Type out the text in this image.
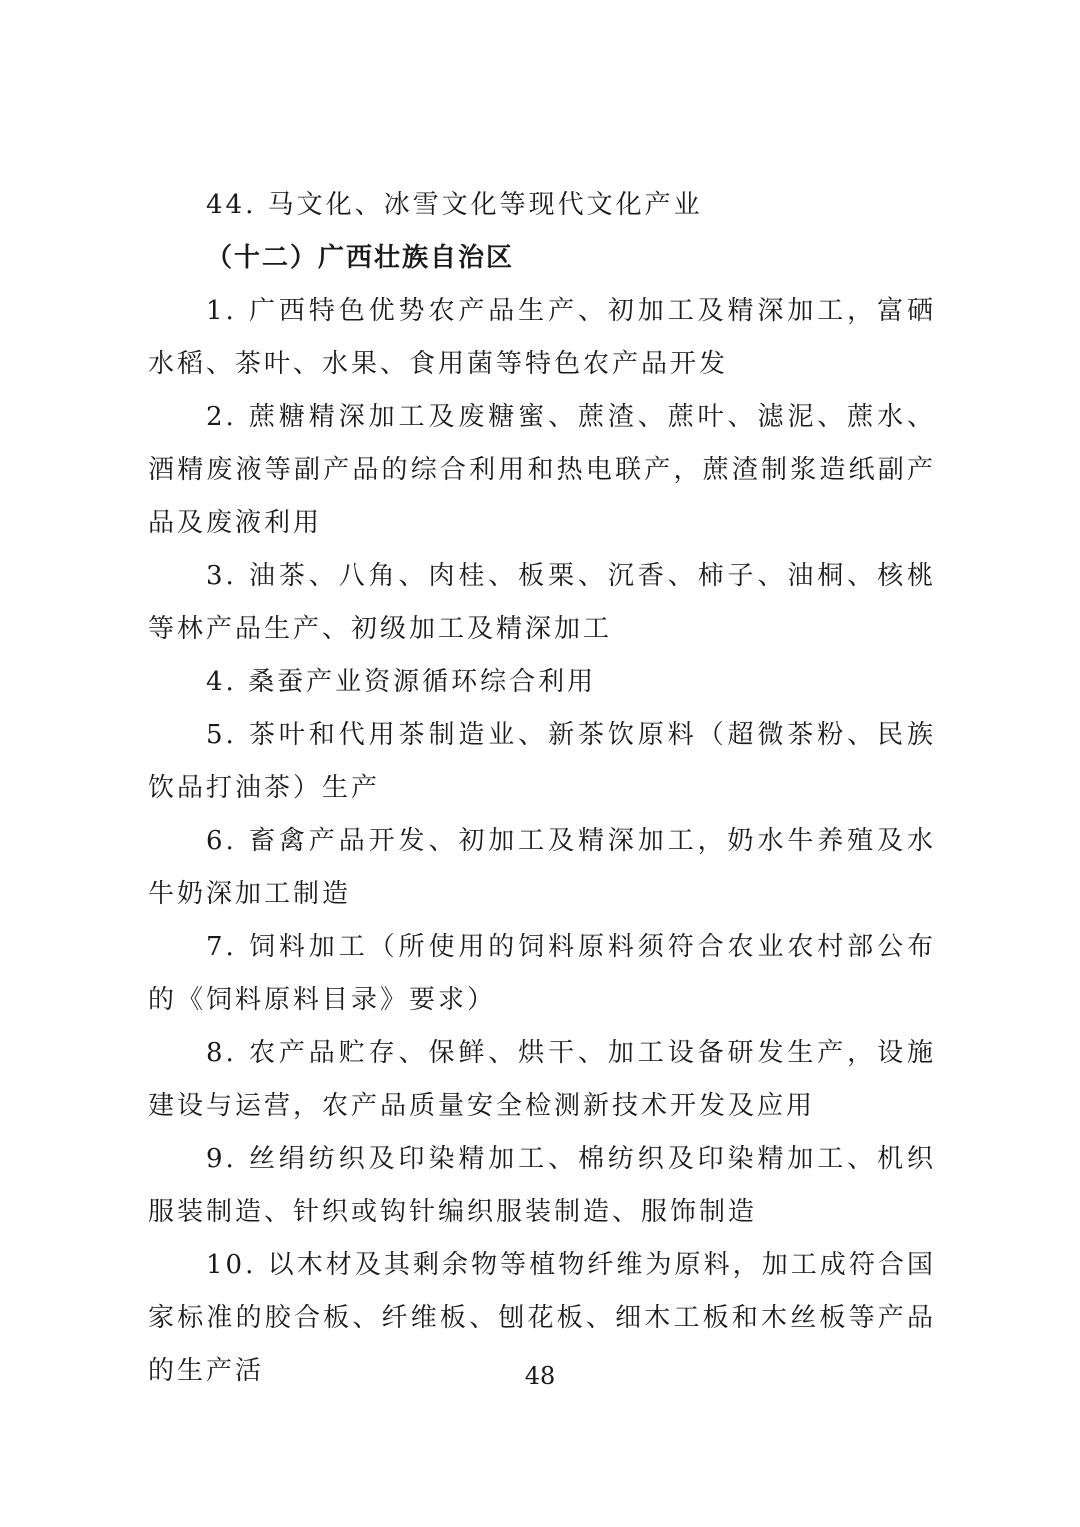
44. 马文化、冰雪文化等现代文化产业

（十二）广西壮族自治区

1. 广西特色优势农产品生产、初加工及精深加工，富硒水稻、茶叶、水果、食用菌等特色农产品开发

2. 蔗糖精深加工及废糖蜜、蔗渣、蔗叶、滤泥、蔗水、酒精废液等副产品的综合利用和热电联产，蔗渣制浆造纸副产品及废液利用

3. 油茶、八角、肉桂、板栗、沉香、柿子、油桐、核桃等林产品生产、初级加工及精深加工

4. 桑蚕产业资源循环综合利用

5. 茶叶和代用茶制造业、新茶饮原料（超微茶粉、民族饮品打油茶）生产

6. 畜禽产品开发、初加工及精深加工，奶水牛养殖及水牛奶深加工制造

7. 饲料加工（所使用的饲料原料须符合农业农村部公布的《饲料原料目录》要求）

8. 农产品贮存、保鲜、烘干、加工设备研发生产，设施建设与运营，农产品质量安全检测新技术开发及应用

9. 丝绢纺织及印染精加工、棉纺织及印染精加工、机织服装制造、针织或钩针编织服装制造、服饰制造

10. 以木材及其剩余物等植物纤维为原料，加工成符合国家标准的胶合板、纤维板、刨花板、细木工板和木丝板等产品的生产活	48
